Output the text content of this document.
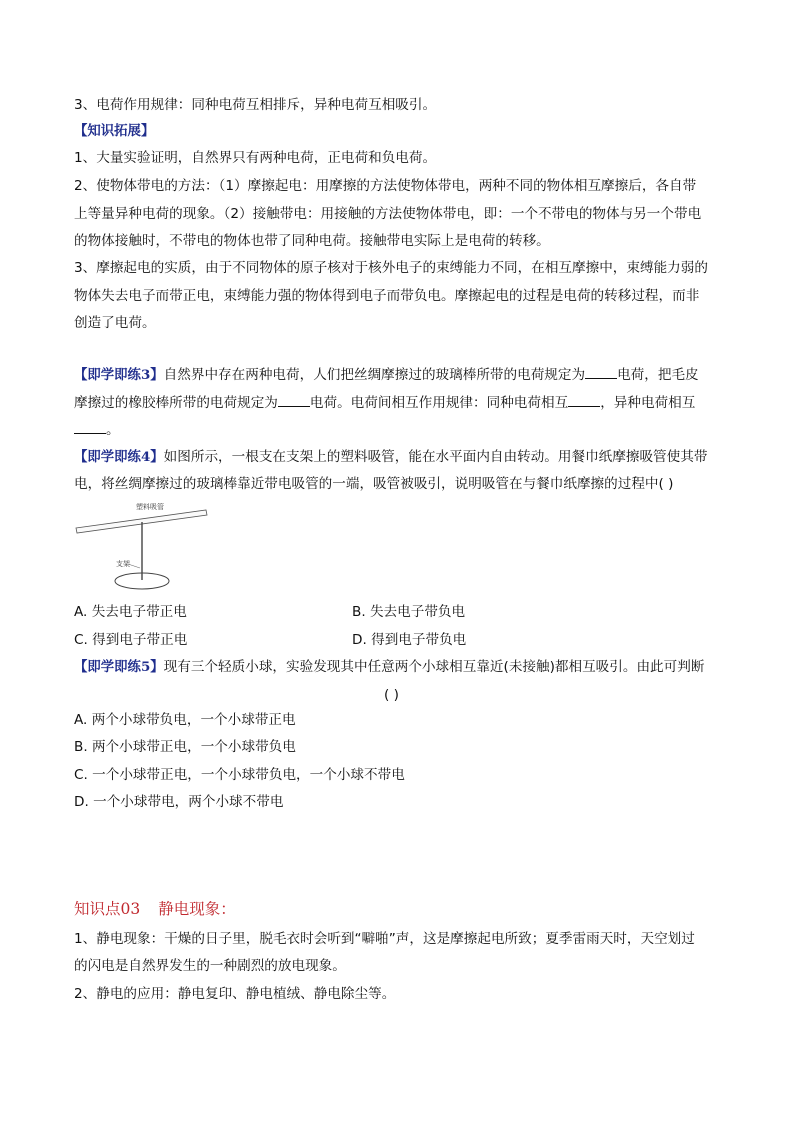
3、电荷作用规律：同种电荷互相排斥，异种电荷互相吸引。
【知识拓展】
1、大量实验证明，自然界只有两种电荷，正电荷和负电荷。
2、使物体带电的方法：（1）摩擦起电：用摩擦的方法使物体带电，两种不同的物体相互摩擦后，各自带
上等量异种电荷的现象。（2）接触带电：用接触的方法使物体带电，即：一个不带电的物体与另一个带电
的物体接触时，不带电的物体也带了同种电荷。接触带电实际上是电荷的转移。
3、摩擦起电的实质，由于不同物体的原子核对于核外电子的束缚能力不同，在相互摩擦中，束缚能力弱的
物体失去电子而带正电，束缚能力强的物体得到电子而带负电。摩擦起电的过程是电荷的转移过程，而非
创造了电荷。
【即学即练3】自然界中存在两种电荷，人们把丝绸摩擦过的玻璃棒所带的电荷规定为 电荷，把毛皮
摩擦过的橡胶棒所带的电荷规定为 电荷。电荷间相互作用规律：同种电荷相互 ，异种电荷相互
。
【即学即练4】如图所示，一根支在支架上的塑料吸管，能在水平面内自由转动。用餐巾纸摩擦吸管使其带
电，将丝绸摩擦过的玻璃棒靠近带电吸管的一端，吸管被吸引，说明吸管在与餐巾纸摩擦的过程中( )
塑料吸管
支架
A. 失去电子带正电	B. 失去电子带负电
C. 得到电子带正电	D. 得到电子带负电
【即学即练5】现有三个轻质小球，实验发现其中任意两个小球相互靠近(未接触)都相互吸引。由此可判断
( )
A. 两个小球带负电，一个小球带正电
B. 两个小球带正电，一个小球带负电
C. 一个小球带正电，一个小球带负电，一个小球不带电
D. 一个小球带电，两个小球不带电
知识点03 静电现象：
1、静电现象：干燥的日子里，脱毛衣时会听到“噼啪”声，这是摩擦起电所致；夏季雷雨天时，天空划过
的闪电是自然界发生的一种剧烈的放电现象。
2、静电的应用：静电复印、静电植绒、静电除尘等。
